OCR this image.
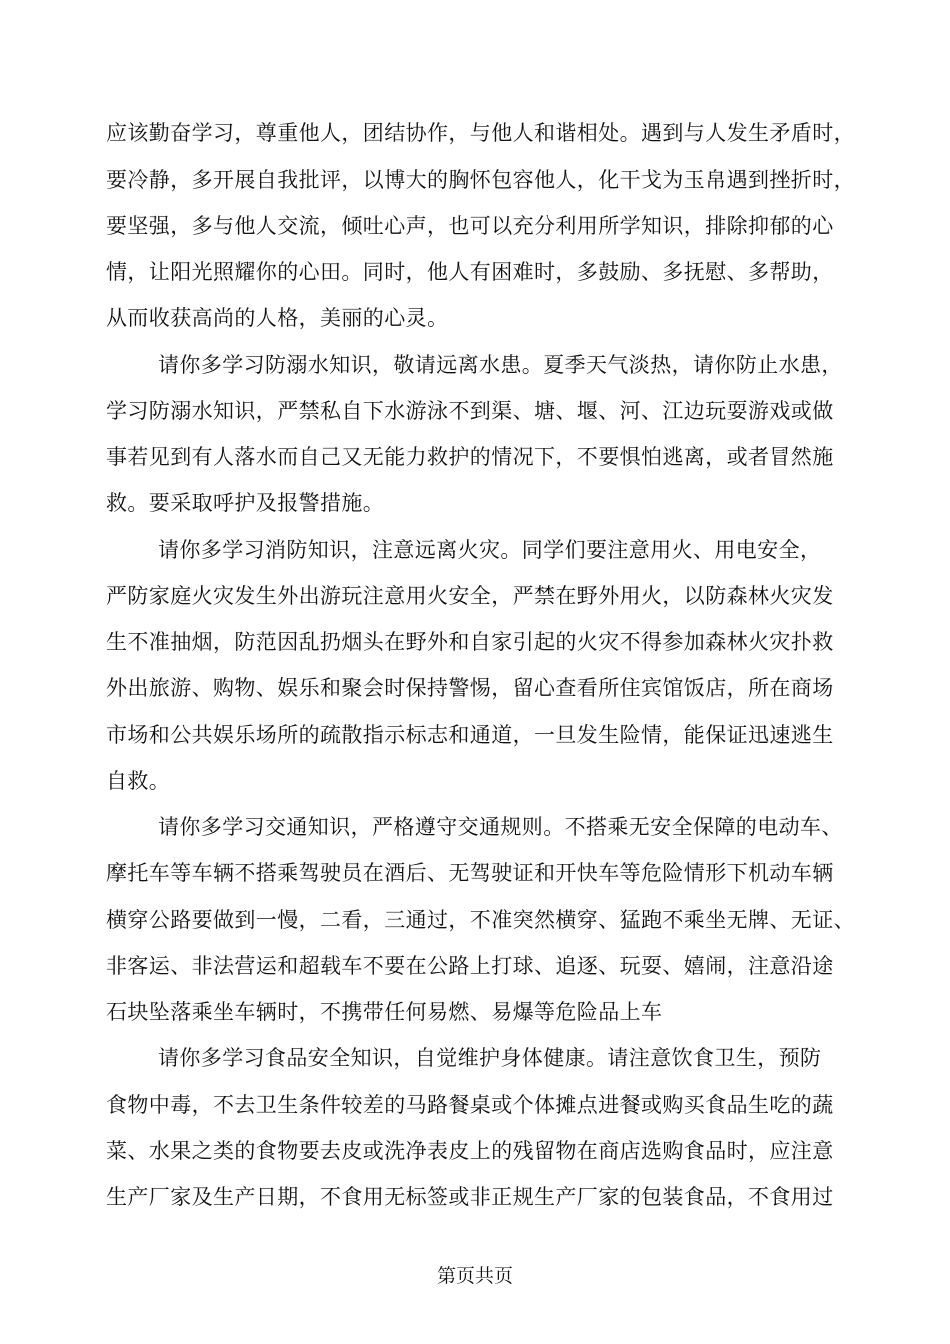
应该勤奋学习，尊重他人，团结协作，与他人和谐相处。遇到与人发生矛盾时，
要冷静，多开展自我批评，以博大的胸怀包容他人，化干戈为玉帛遇到挫折时，
要坚强，多与他人交流，倾吐心声，也可以充分利用所学知识，排除抑郁的心
情，让阳光照耀你的心田。同时，他人有困难时，多鼓励、多抚慰、多帮助，
从而收获高尚的人格，美丽的心灵。
请你多学习防溺水知识，敬请远离水患。夏季天气淡热，请你防止水患，
学习防溺水知识，严禁私自下水游泳不到渠、塘、堰、河、江边玩耍游戏或做
事若见到有人落水而自己又无能力救护的情况下，不要惧怕逃离，或者冒然施
救。要采取呼护及报警措施。
请你多学习消防知识，注意远离火灾。同学们要注意用火、用电安全，
严防家庭火灾发生外出游玩注意用火安全，严禁在野外用火，以防森林火灾发
生不准抽烟，防范因乱扔烟头在野外和自家引起的火灾不得参加森林火灾扑救
外出旅游、购物、娱乐和聚会时保持警惕，留心查看所住宾馆饭店，所在商场
市场和公共娱乐场所的疏散指示标志和通道，一旦发生险情，能保证迅速逃生
自救。
请你多学习交通知识，严格遵守交通规则。不搭乘无安全保障的电动车、
摩托车等车辆不搭乘驾驶员在酒后、无驾驶证和开快车等危险情形下机动车辆
横穿公路要做到一慢，二看，三通过，不准突然横穿、猛跑不乘坐无牌、无证、
非客运、非法营运和超载车不要在公路上打球、追逐、玩耍、嬉闹，注意沿途
石块坠落乘坐车辆时，不携带任何易燃、易爆等危险品上车
请你多学习食品安全知识，自觉维护身体健康。请注意饮食卫生，预防
食物中毒，不去卫生条件较差的马路餐桌或个体摊点进餐或购买食品生吃的蔬
菜、水果之类的食物要去皮或洗净表皮上的残留物在商店选购食品时，应注意
生产厂家及生产日期，不食用无标签或非正规生产厂家的包装食品，不食用过
第页共页
